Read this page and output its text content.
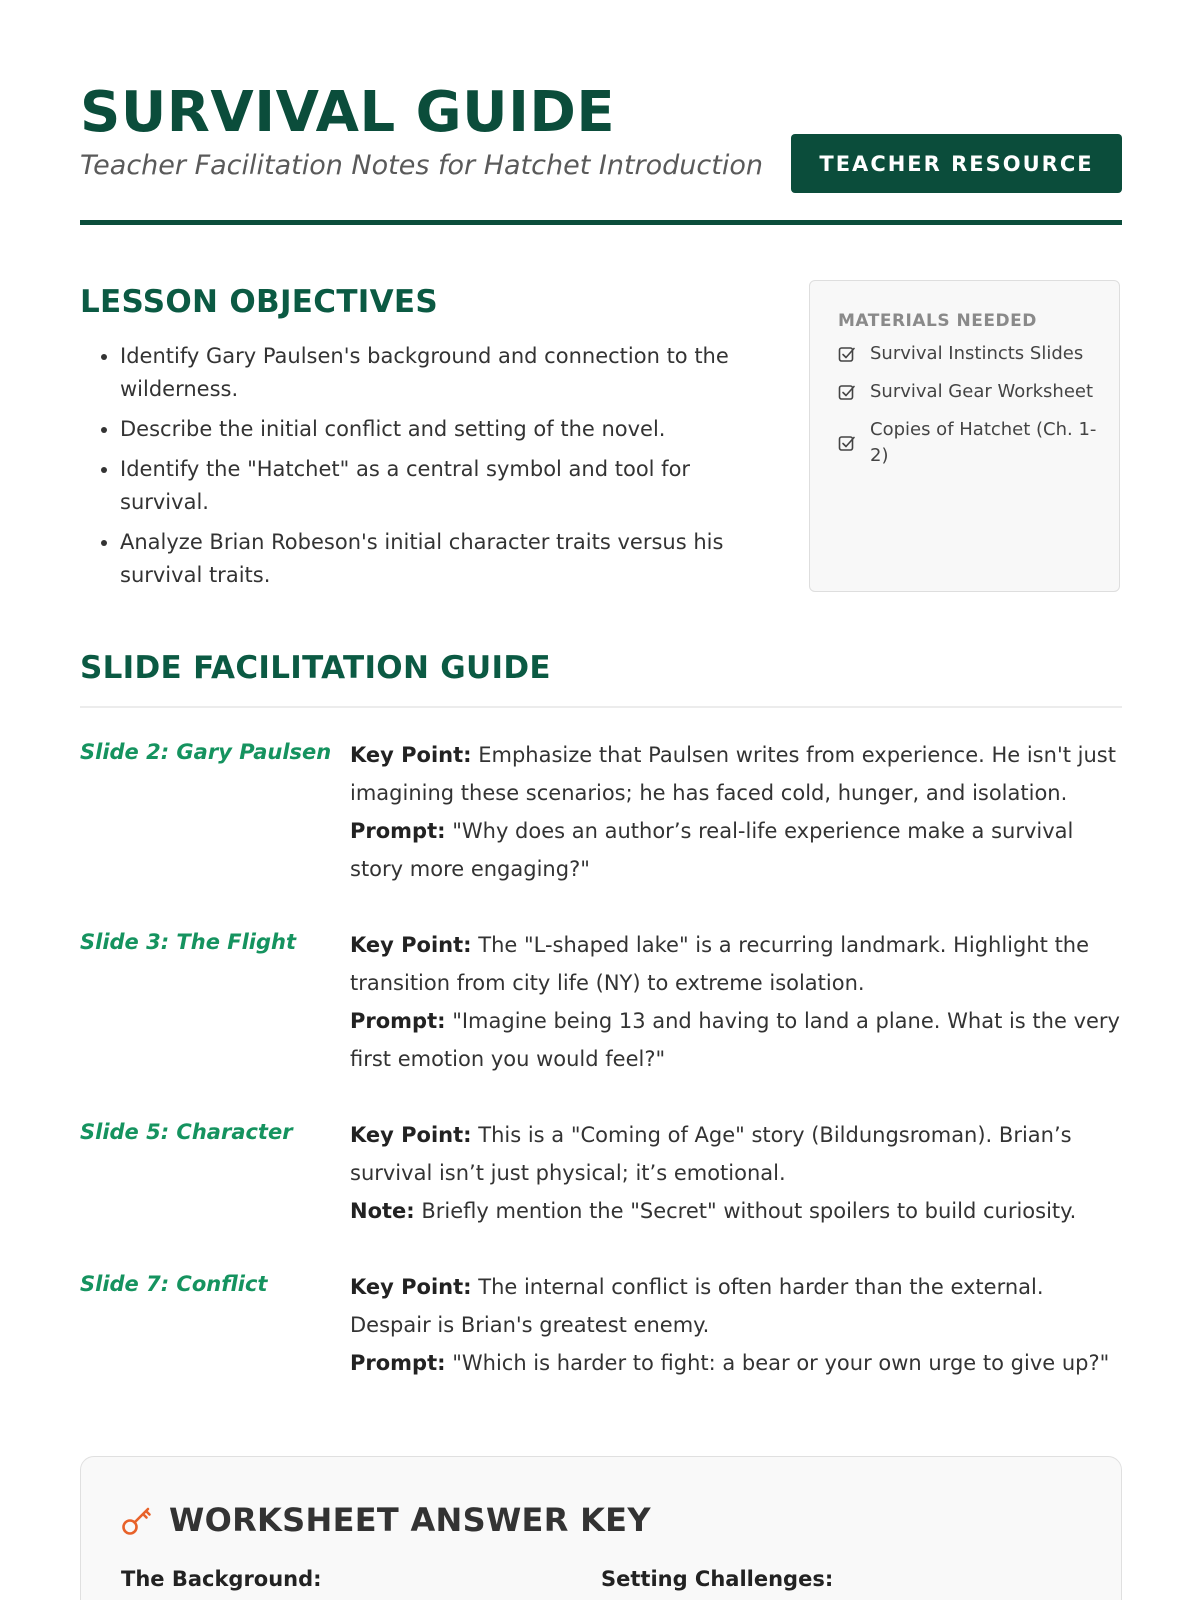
SURVIVAL GUIDE
Teacher Facilitation Notes for Hatchet Introduction	TEACHER RESOURCE
LESSON OBJECTIVES
• Identify Gary Paulsen's background and connection to the wilderness.
• Describe the initial conflict and setting of the novel.
• Identify the "Hatchet" as a central symbol and tool for survival.
• Analyze Brian Robeson's initial character traits versus his survival traits.
MATERIALS NEEDED
Survival Instincts Slides
Survival Gear Worksheet
Copies of Hatchet (Ch. 1-2)
SLIDE FACILITATION GUIDE
Slide 2: Gary Paulsen Key Point: Emphasize that Paulsen writes from experience. He isn't just imagining these scenarios; he has faced cold, hunger, and isolation.
Prompt: "Why does an author’s real-life experience make a survival story more engaging?"
Slide 3: The Flight	Key Point: The "L-shaped lake" is a recurring landmark. Highlight the transition from city life (NY) to extreme isolation.
Prompt: "Imagine being 13 and having to land a plane. What is the very first emotion you would feel?"
Slide 5: Character	Key Point: This is a "Coming of Age" story (Bildungsroman). Brian’s survival isn’t just physical; it’s emotional.
Note: Briefly mention the "Secret" without spoilers to build curiosity.
Slide 7: Conflict	Key Point: The internal conflict is often harder than the external. Despair is Brian's greatest enemy.
Prompt: "Which is harder to fight: a bear or your own urge to give up?"
WORKSHEET ANSWER KEY
The Background:	Setting Challenges:
